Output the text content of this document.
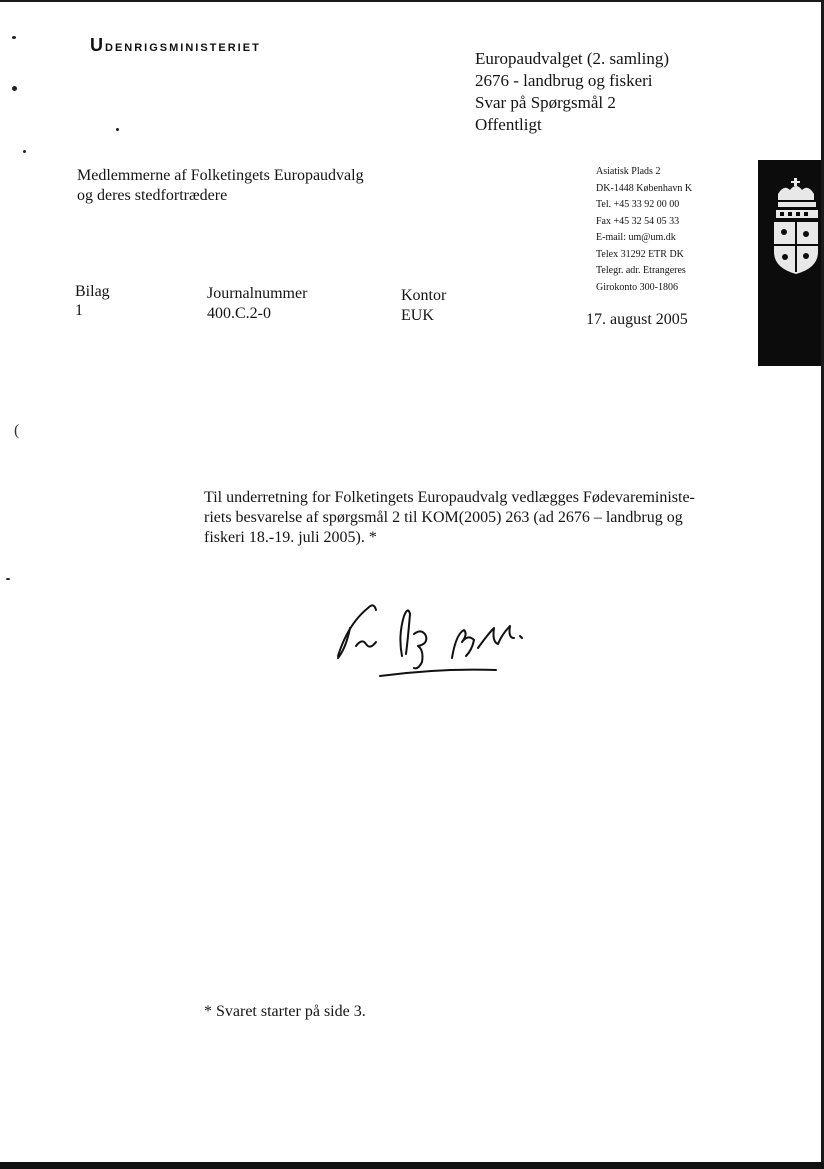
(
Udenrigsministeriet
Europaudvalget (2. samling)
2676 - landbrug og fiskeri
Svar på Spørgsmål 2
Offentligt
Medlemmerne af Folketingets Europaudvalg
og deres stedfortrædere
Asiatisk Plads 2
DK-1448 København K
Tel. +45 33 92 00 00
Fax +45 32 54 05 33
E-mail: um@um.dk
Telex 31292 ETR DK
Telegr. adr. Etrangeres
Girokonto 300-1806
Bilag
1
Journalnummer
400.C.2-0
Kontor
EUK	17. august 2005
Til underretning for Folketingets Europaudvalg vedlægges Fødevareministe-
riets besvarelse af spørgsmål 2 til KOM(2005) 263 (ad 2676 – landbrug og
fiskeri 18.-19. juli 2005). *
* Svaret starter på side 3.
